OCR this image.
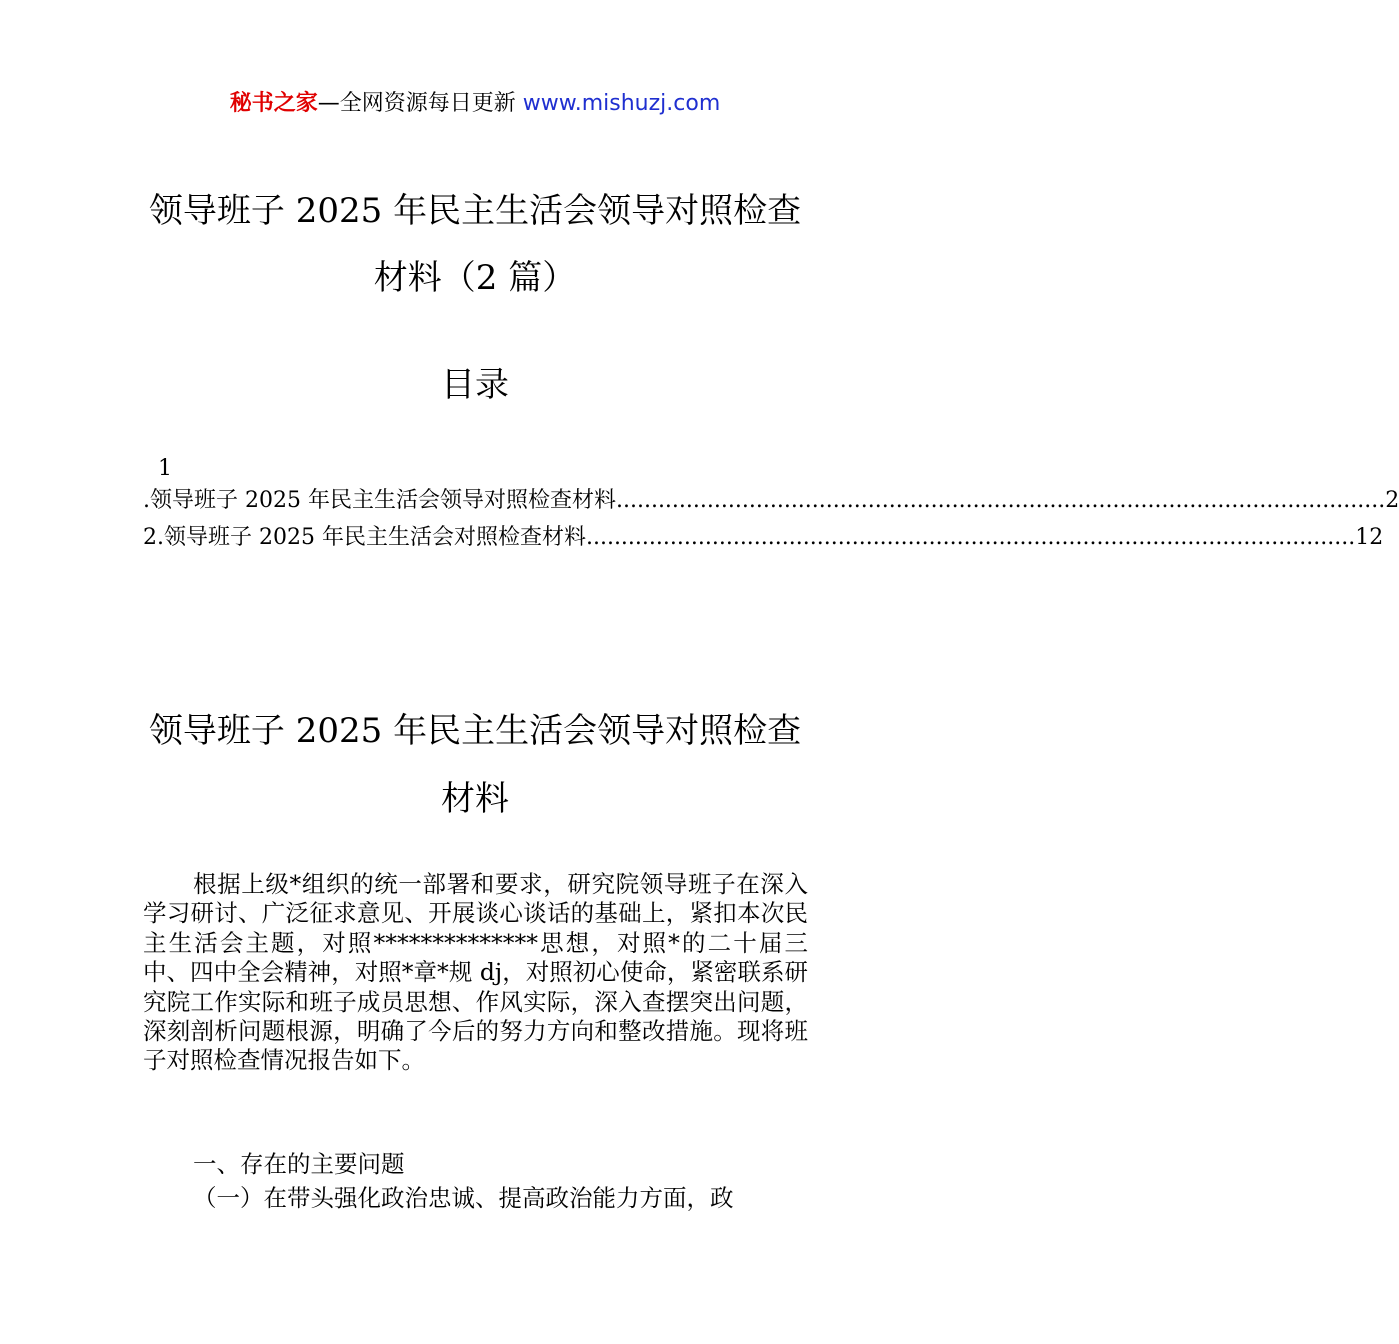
秘书之家—全网资源每日更新 www.mishuzj.com
领导班子 2025 年民主生活会领导对照检查
材料（2 篇）
目录
1
.领导班子 2025 年民主生活会领导对照检查材料 .............................................................................................................. 2
2.领导班子 2025 年民主生活会对照检查材料 .............................................................................................................. 12
领导班子 2025 年民主生活会领导对照检查
材料

根据上级*组织的统一部署和要求，研究院领导班子在深入学习研讨、广泛征求意见、开展谈心谈话的基础上，紧扣本次民主生活会主题，对照**************思想，对照*的二十届三中、四中全会精神，对照*章*规 dj，对照初心使命，紧密联系研究院工作实际和班子成员思想、作风实际，深入查摆突出问题，深刻剖析问题根源，明确了今后的努力方向和整改措施。现将班子对照检查情况报告如下。

一、存在的主要问题

（一）在带头强化政治忠诚、提高政治能力方面，政
